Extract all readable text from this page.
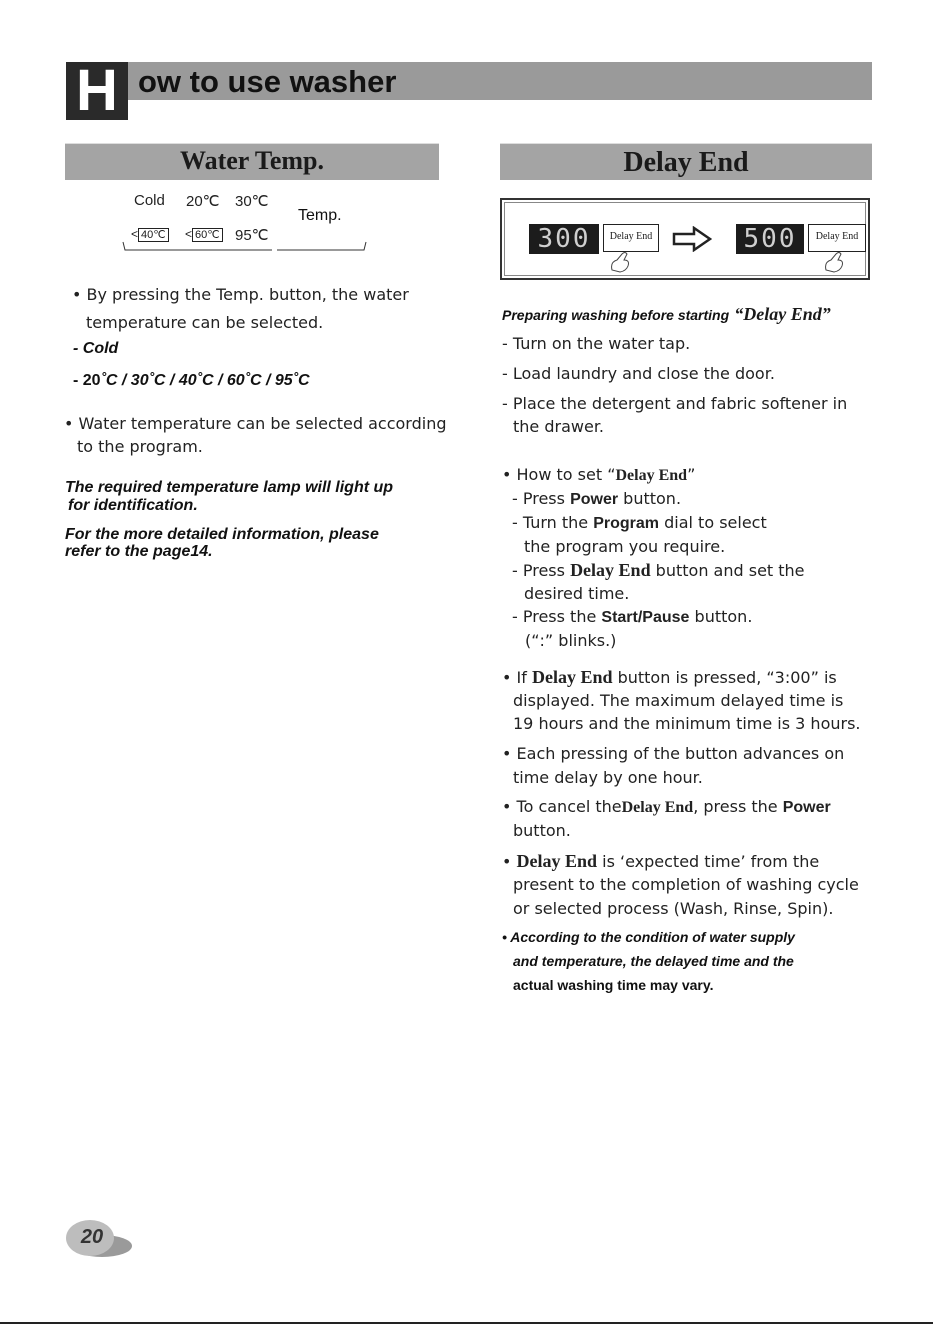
H ow to use washer
Water Temp.	Delay End
Cold 20℃ 30℃
< 40℃
<	60℃ 95℃
Temp.
• By pressing the Temp. button, the water
temperature can be selected.
- Cold
- 20˚C / 30˚C / 40˚C / 60˚C / 95˚C
• Water temperature can be selected according
to the program.
The required temperature lamp will light up
for identification.
For the more detailed information, please
refer to the page14.
300	Delay End	500	Delay End
Preparing washing before starting “Delay End”
- Turn on the water tap.
- Load laundry and close the door.
- Place the detergent and fabric softener in
the drawer.
• How to set “Delay End”
- Press Power button.
- Turn the Program dial to select
the program you require.
- Press Delay End button and set the
desired time.
- Press the Start/Pause button.
(“:” blinks.)
• If Delay End button is pressed, “3:00” is
displayed. The maximum delayed time is
19 hours and the minimum time is 3 hours.
• Each pressing of the button advances on
time delay by one hour.
• To cancel theDelay End, press the Power
button.
• Delay End is ‘expected time’ from the
present to the completion of washing cycle
or selected process (Wash, Rinse, Spin).
• According to the condition of water supply
and temperature, the delayed time and the
actual washing time may vary.
20
